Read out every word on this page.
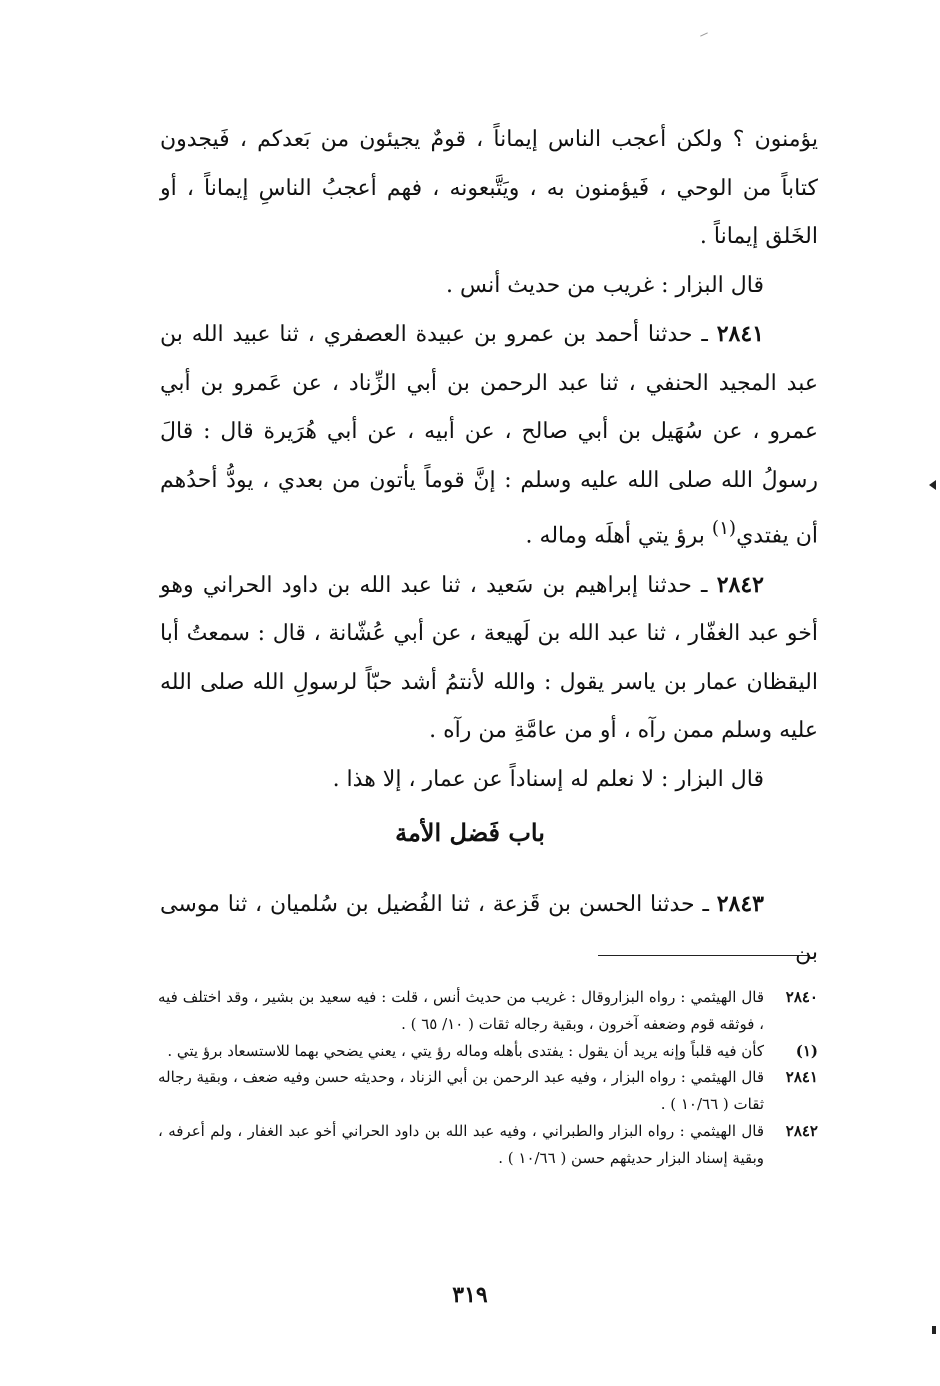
يؤمنون ؟ ولكن أعجب الناس إيماناً ، قومٌ يجيئون من بَعدكم ، فَيجدون كتاباً من الوحي ، فَيؤمنون به ، ويَتَّبعونه ، فهم أعجبُ الناسِ إيماناً ، أو الخَلق إيماناً .

قال البزار : غريب من حديث أنس .

٢٨٤١ ـ حدثنا أحمد بن عمرو بن عبيدة العصفري ، ثنا عبيد الله بن عبد المجيد الحنفي ، ثنا عبد الرحمن بن أبي الزِّناد ، عن عَمرو بن أبي عمرو ، عن سُهَيل بن أبي صالح ، عن أبيه ، عن أبي هُرَيرة قال : قالَ رسولُ الله صلى الله عليه وسلم : إنَّ قوماً يأتون من بعدي ، يودُّ أحدُهم أن يفتدي$^{(١)}$ برؤ يتي أهلَه وماله .

٢٨٤٢ ـ حدثنا إبراهيم بن سَعيد ، ثنا عبد الله بن داود الحراني وهو أخو عبد الغفّار ، ثنا عبد الله بن لَهيعة ، عن أبي عُشّانة ، قال : سمعتُ أبا اليقظان عمار بن ياسر يقول : والله لأنتمُ أشد حبّاً لرسولِ الله صلى الله عليه وسلم ممن رآه ، أو من عامَّةِ من رآه .

قال البزار : لا نعلم له إسناداً عن عمار ، إلا هذا .

باب فَضل الأمة
٢٨٤٣ ـ حدثنا الحسن بن قَزعة ، ثنا الفُضيل بن سُلميان ، ثنا موسى بن
٢٨٤٠
قال الهيثمي : رواه البزاروقال : غريب من حديث أنس ، قلت : فيه سعيد بن بشير ، وقد اختلف فيه ، فوثقه قوم وضعفه آخرون ، وبقية رجاله ثقات ( ١٠/ ٦٥ ) .
(١)
كأن فيه قلباً وإنه يريد أن يقول : يفتدى بأهله وماله رؤ يتي ، يعني يضحي بهما للاستسعاد برؤ يتي .
٢٨٤١
قال الهيثمي : رواه البزار ، وفيه عبد الرحمن بن أبي الزناد ، وحديثه حسن وفيه ضعف ، وبقية رجاله ثقات ( ١٠/٦٦ ) .
٢٨٤٢
قال الهيثمي : رواه البزار والطبراني ، وفيه عبد الله بن داود الحراني أخو عبد الغفار ، ولم أعرفه ، وبقية إسناد البزار حديثهم حسن ( ١٠/٦٦ ) .
٣١٩
